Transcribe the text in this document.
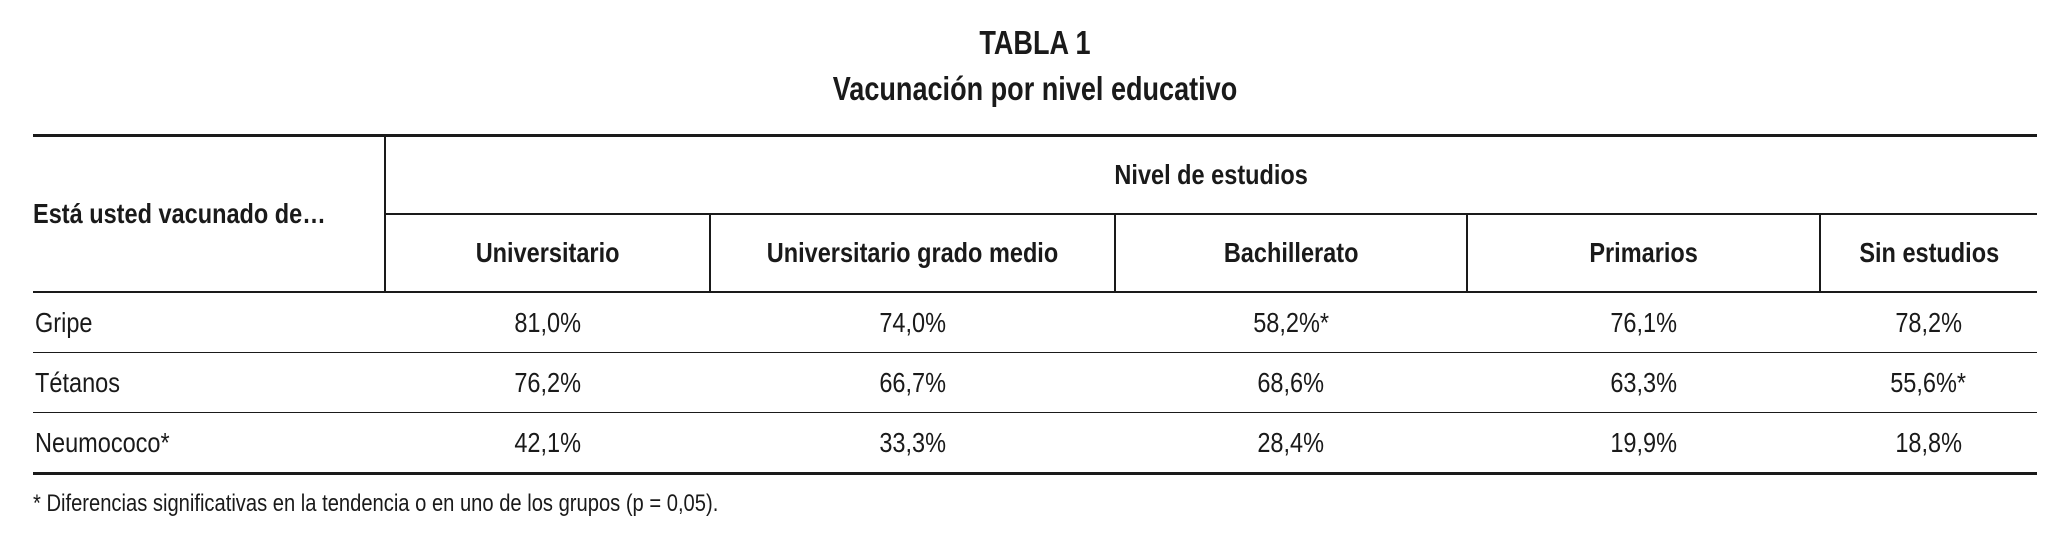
TABLA 1
Vacunación por nivel educativo
Está usted vacunado de…	Nivel de estudios				
	Universitario	Universitario grado medio	Bachillerato	Primarios	Sin estudios
Gripe	81,0%	74,0%	58,2%*	76,1%	78,2%
Tétanos	76,2%	66,7%	68,6%	63,3%	55,6%*
Neumococo*	42,1%	33,3%	28,4%	19,9%	18,8%
* Diferencias significativas en la tendencia o en uno de los grupos (p = 0,05).
